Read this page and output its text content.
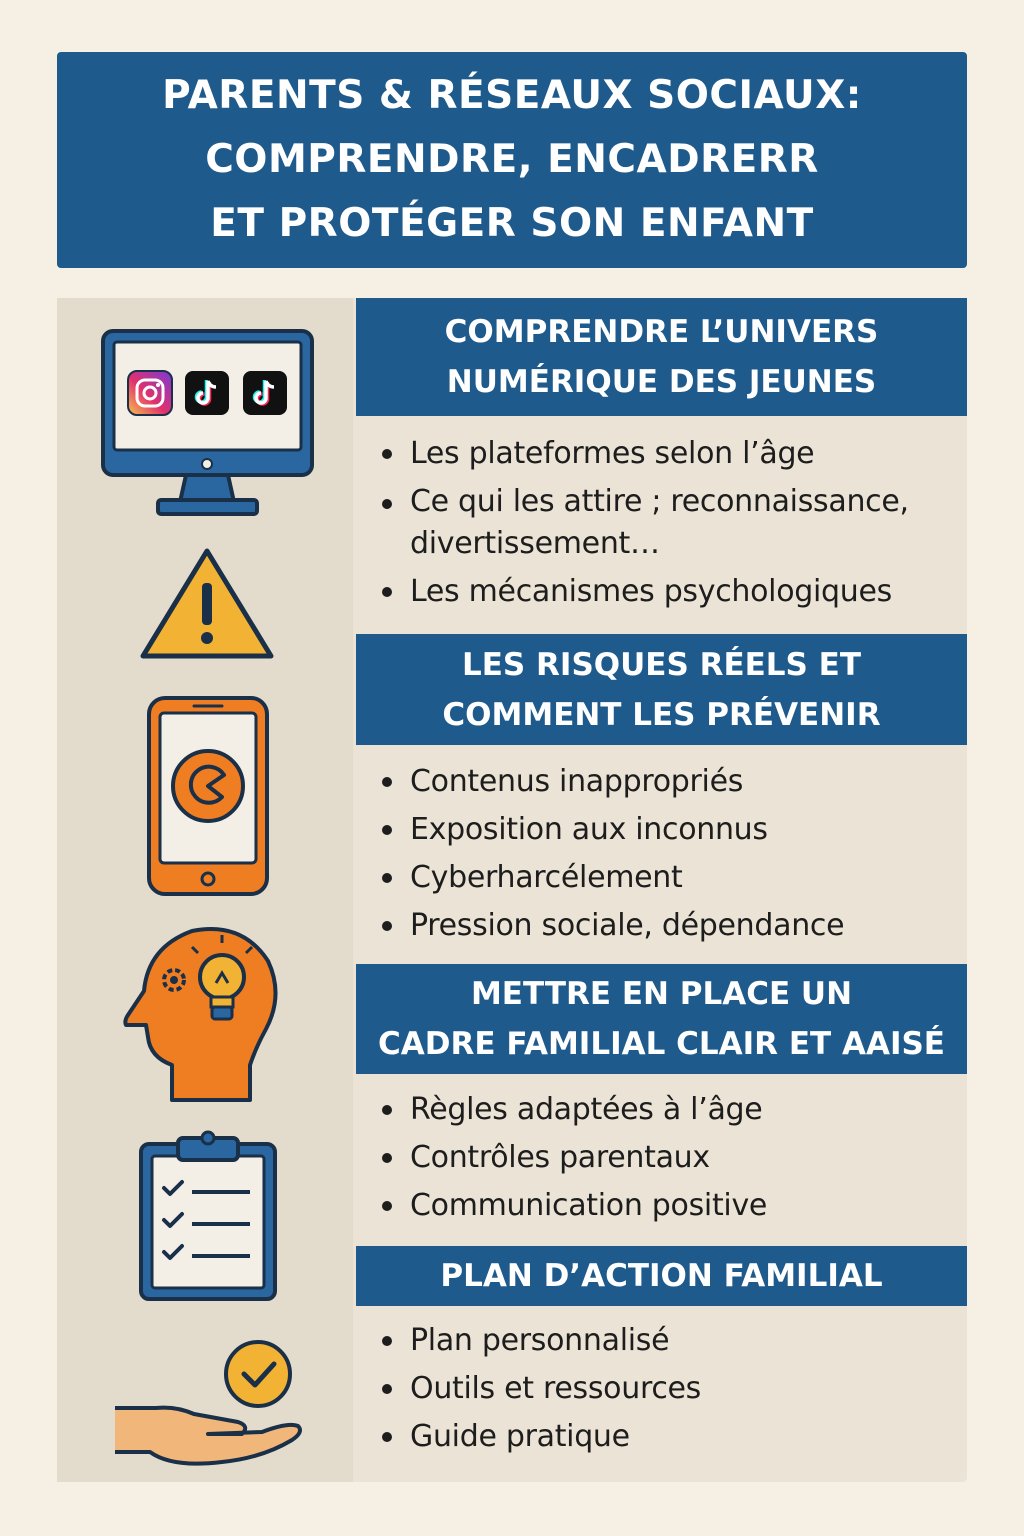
PARENTS & RÉSEAUX SOCIAUX:
COMPRENDRE, ENCADRERR
ET PROTÉGER SON ENFANT
COMPRENDRE L’UNIVERS
NUMÉRIQUE DES JEUNES
Les plateformes selon l’âge
Ce qui les attire ; reconnaissance, divertissement…
Les mécanismes psychologiques
LES RISQUES RÉELS ET
COMMENT LES PRÉVENIR
Contenus inappropriés
Exposition aux inconnus
Cyberharcélement
Pression sociale, dépendance
METTRE EN PLACE UN
CADRE FAMILIAL CLAIR ET AAISÉ
Règles adaptées à l’âge
Contrôles parentaux
Communication positive
PLAN D’ACTION FAMILIAL
Plan personnalisé
Outils et ressources
Guide pratique
